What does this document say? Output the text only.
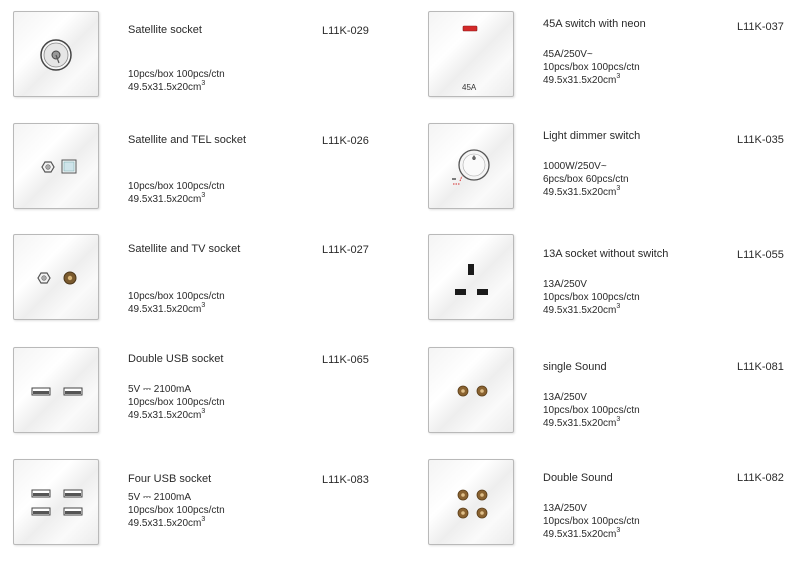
Satellite socket	L11K-029
10pcs/box 100pcs/ctn
$49.5x31.5x20cm^3$
Satellite and TEL socket	L11K-026
10pcs/box 100pcs/ctn
$49.5x31.5x20cm^3$
Satellite and TV socket	L11K-027
10pcs/box 100pcs/ctn
$49.5x31.5x20cm^3$
Double USB socket	L11K-065
5V ⎓ 2100mA
10pcs/box 100pcs/ctn
$49.5x31.5x20cm^3$
Four USB socket	L11K-083
5V ⎓ 2100mA
10pcs/box 100pcs/ctn
$49.5x31.5x20cm^3$
45A
45A switch with neon	L11K-037
45A/250V~
10pcs/box 100pcs/ctn
$49.5x31.5x20cm^3$
Light dimmer switch	L11K-035
1000W/250V~
6pcs/box 60pcs/ctn
$49.5x31.5x20cm^3$
13A socket without switch	L11K-055
13A/250V
10pcs/box 100pcs/ctn
$49.5x31.5x20cm^3$
single Sound	L11K-081
13A/250V
10pcs/box 100pcs/ctn
$49.5x31.5x20cm^3$
Double Sound	L11K-082
13A/250V
10pcs/box 100pcs/ctn
$49.5x31.5x20cm^3$
